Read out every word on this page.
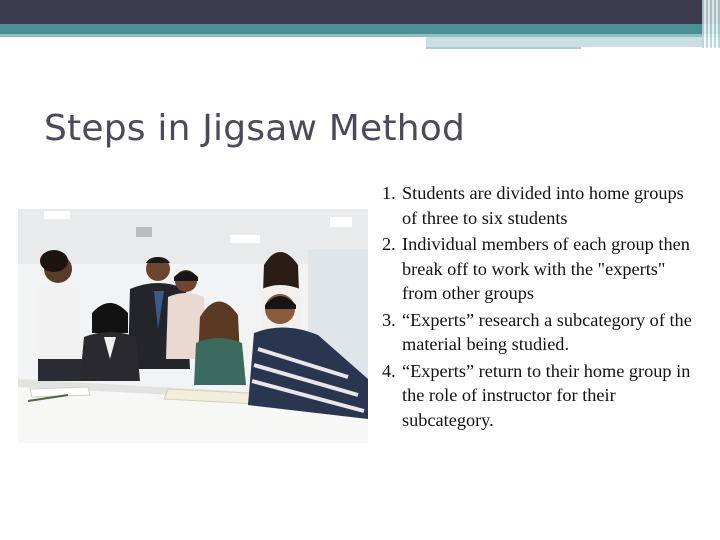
Steps in Jigsaw Method
1. Students are divided into home groups of three to six students
2. Individual members of each group then break off to work with the "experts" from other groups
3. “Experts” research a subcategory of the material being studied.
4. “Experts” return to their home group in the role of instructor for their subcategory.
